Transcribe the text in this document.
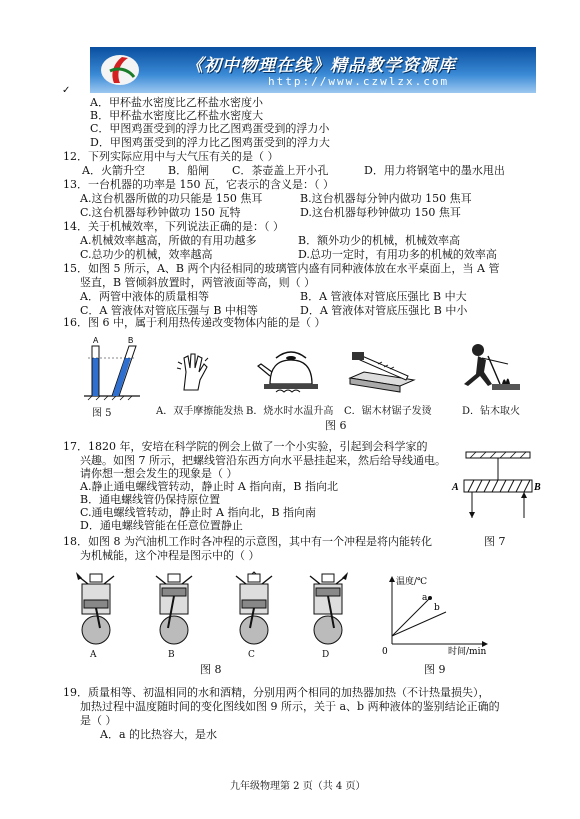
《初中物理在线》精品教学资源库
http://www.czwlzx.com
✓
A．甲杯盐水密度比乙杯盐水密度小
B．甲杯盐水密度比乙杯盐水密度大
C．甲图鸡蛋受到的浮力比乙图鸡蛋受到的浮力小
D．甲图鸡蛋受到的浮力比乙图鸡蛋受到的浮力大
12．下列实际应用中与大气压有关的是（ ）
A．火箭升空 B．船闸 C．茶壶盖上开小孔	D．用力将钢笔中的墨水甩出
13．一台机器的功率是 150 瓦，它表示的含义是：（ ）
A.这台机器所做的功只能是 150 焦耳	B.这台机器每分钟内做功 150 焦耳
C.这台机器每秒钟做功 150 瓦特	D.这台机器每秒钟做功 150 焦耳
14．关于机械效率，下列说法正确的是：（ ）
A.机械效率越高，所做的有用功越多	B．额外功少的机械，机械效率高
C.总功少的机械，效率越高	D.总功一定时，有用功多的机械的效率高
15．如图 5 所示，A、B 两个内径相同的玻璃管内盛有同种液体放在水平桌面上，当 A 管
竖直，B 管倾斜放置时，两管液面等高，则（ ）
A．两管中液体的质量相等	B．A 管液体对管底压强比 B 中大
C．A 管液体对管底压强与 B 中相等	D．A 管液体对管底压强比 B 中小
16．图 6 中，属于利用热传递改变物体内能的是（ ）
A	B
图 5	A．双手摩擦能发热 B．烧水时水温升高 C．锯木材锯子发烫	D．钻木取火
图 6
17．1820 年，安培在科学院的例会上做了一个小实验，引起到会科学家的
兴趣。如图 7 所示，把螺线管沿东西方向水平悬挂起来，然后给导线通电。
请你想一想会发生的现象是（ ）
A.静止通电螺线管转动，静止时 A 指向南，B 指向北
B．通电螺线管仍保持原位置
C.通电螺线管转动，静止时 A 指向北，B 指向南
D．通电螺线管能在任意位置静止
A	B
图 7
18．如图 8 为汽油机工作时各冲程的示意图，其中有一个冲程是将内能转化
为机械能，这个冲程是图示中的（ ）
A	B	C	D
图 8
温度/℃
时间/min
0
a
b
图 9
19．质量相等、初温相同的水和酒精，分别用两个相同的加热器加热（不计热量损失），
加热过程中温度随时间的变化图线如图 9 所示，关于 a、b 两种液体的鉴别结论正确的
是（ ）
A．a 的比热容大，是水
九年级物理第 2 页（共 4 页）
